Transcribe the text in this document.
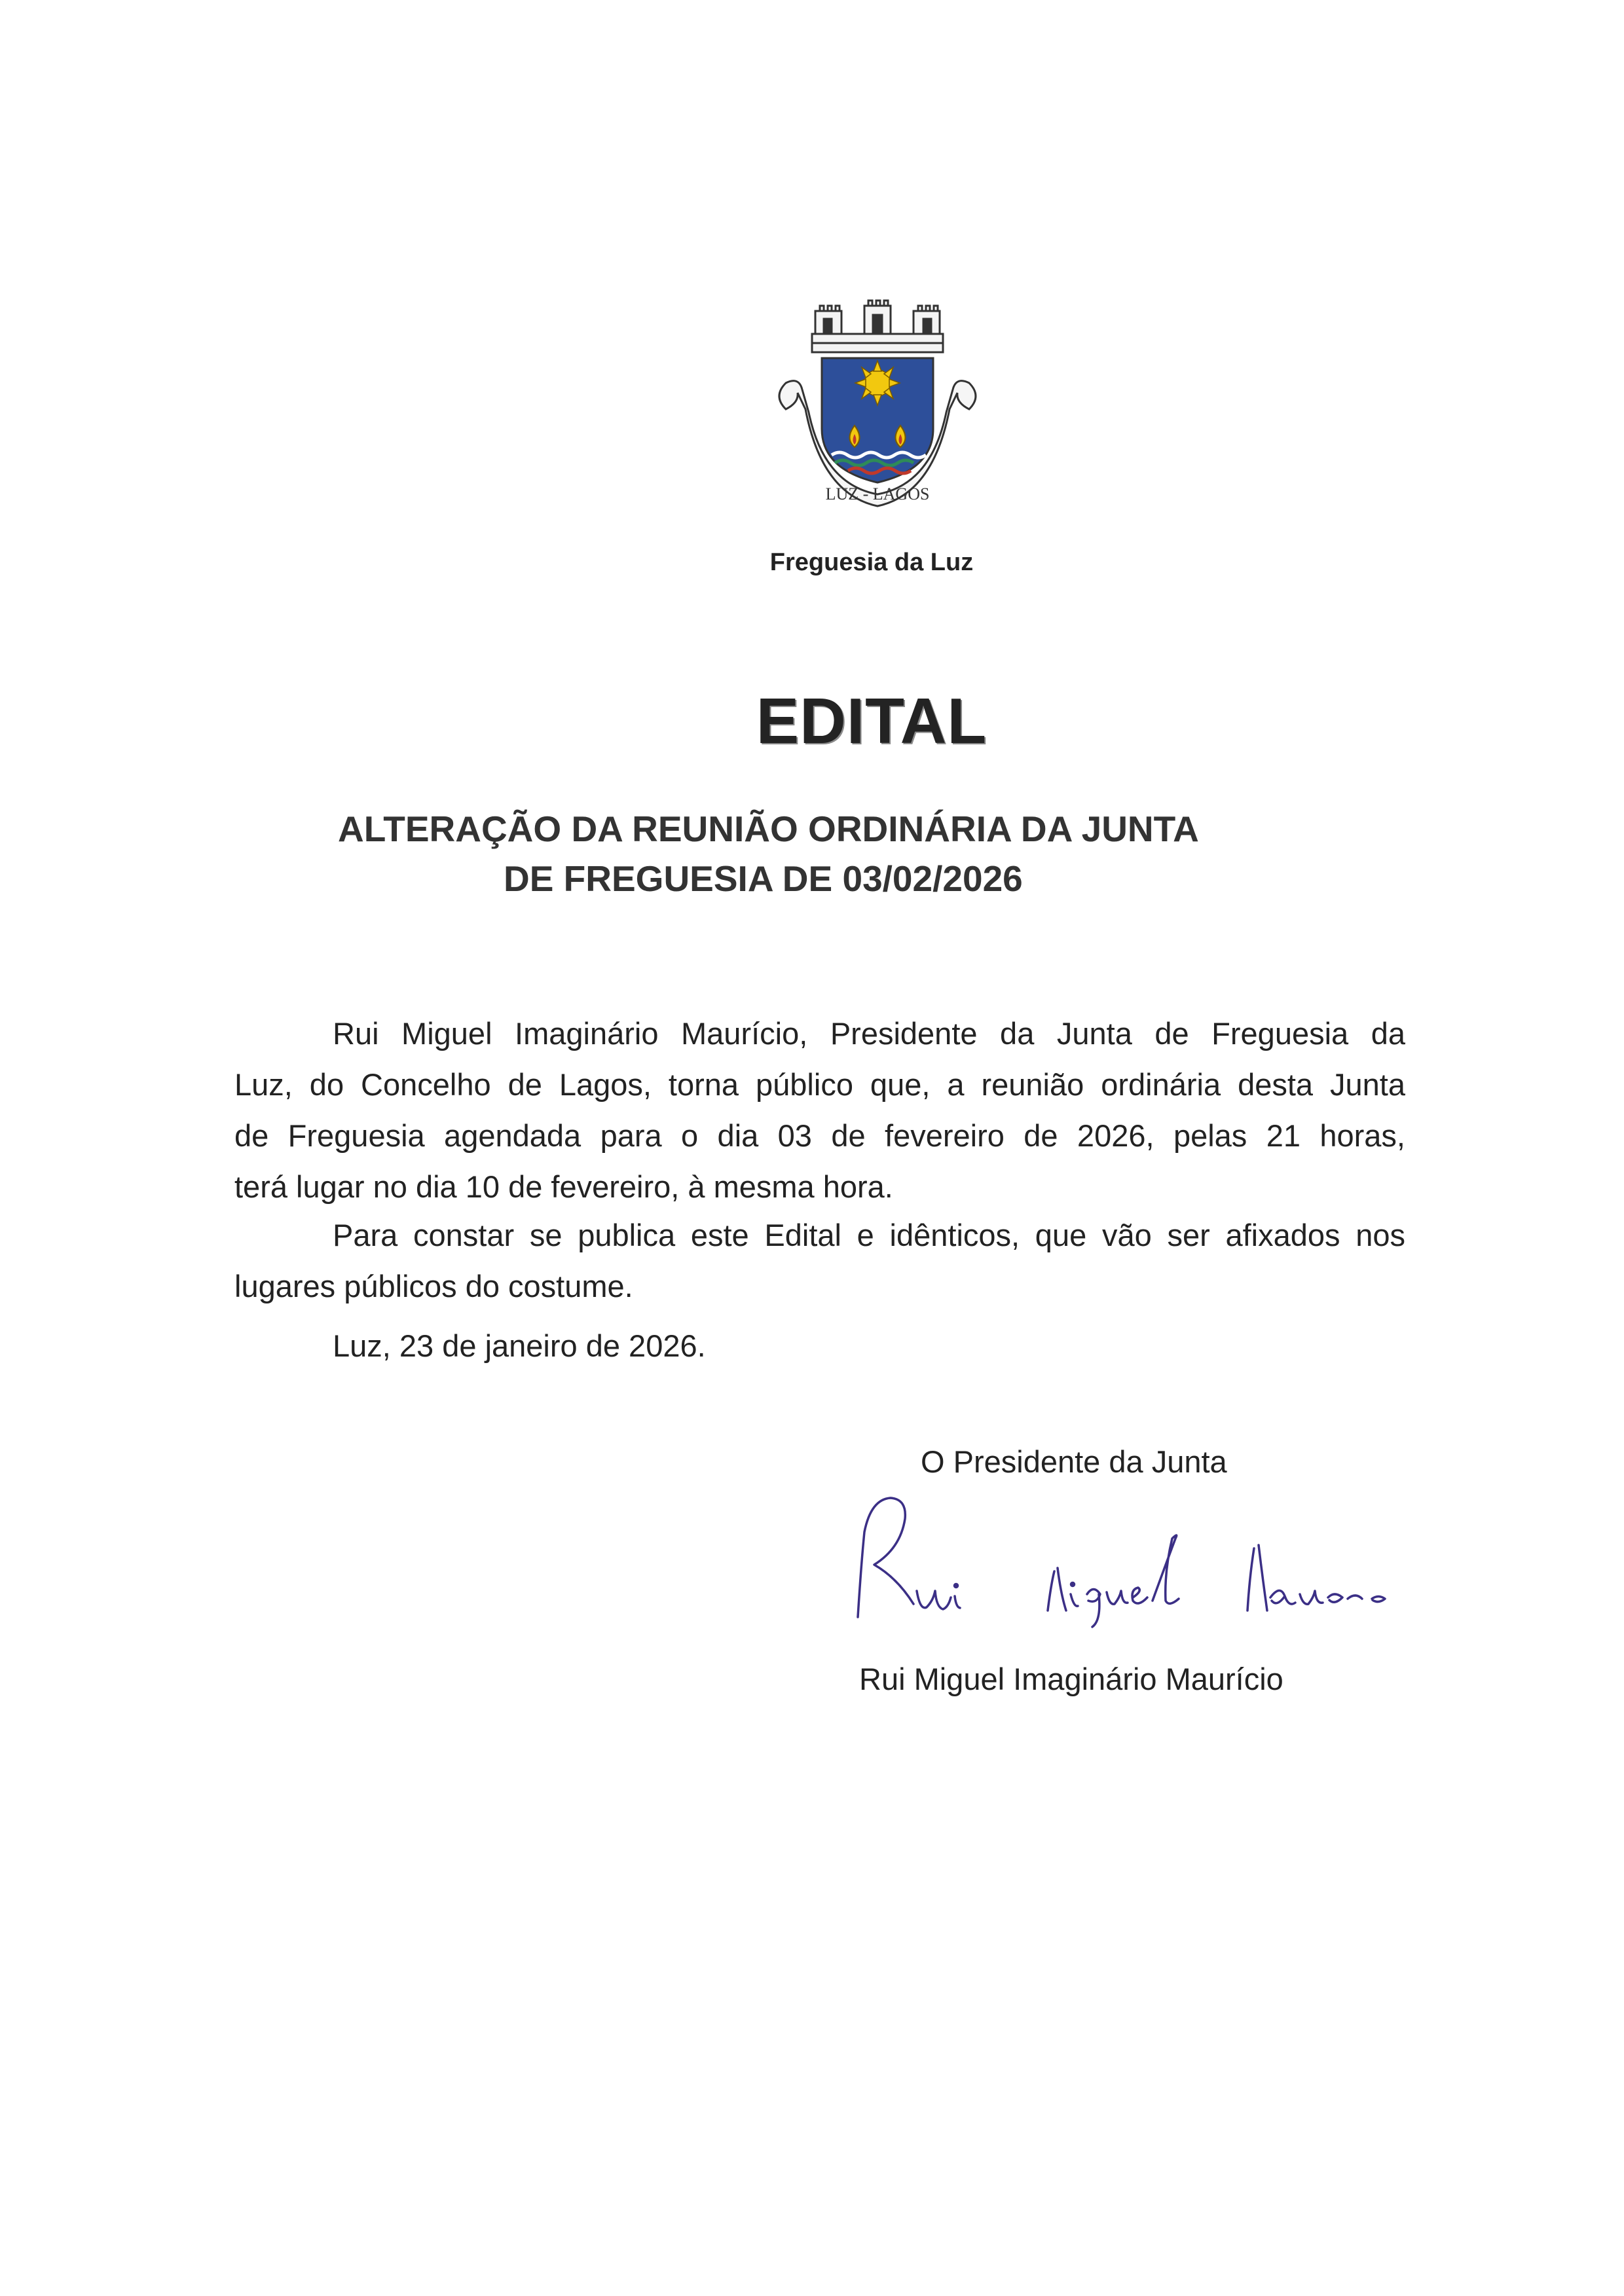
LUZ - LAGOS
Freguesia da Luz
EDITAL
ALTERAÇÃO DA REUNIÃO ORDINÁRIA DA JUNTA
DE FREGUESIA DE 03/02/2026
Rui Miguel Imaginário Maurício, Presidente da Junta de Freguesia da
Luz, do Concelho de Lagos, torna público que, a reunião ordinária desta Junta
de Freguesia agendada para o dia 03 de fevereiro de 2026, pelas 21 horas,
terá lugar no dia 10 de fevereiro, à mesma hora.
Para constar se publica este Edital e idênticos, que vão ser afixados nos
lugares públicos do costume.
Luz, 23 de janeiro de 2026.
O Presidente da Junta
Rui Miguel Imaginário Maurício
